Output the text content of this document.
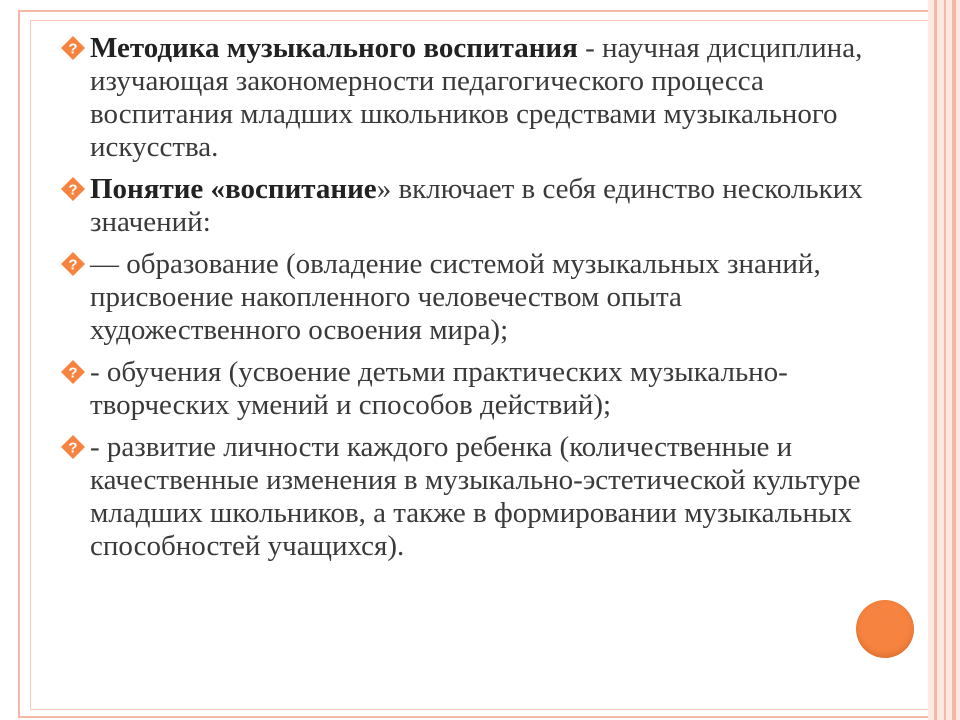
? Методика музыкального воспитания - научная дисциплина, изучающая закономерности педагогического процесса воспитания младших школьников средствами музыкального искусства.

? Понятие «воспитание» включает в себя единство нескольких значений:

? — образование (овладение системой музыкальных знаний, присвоение накопленного человечеством опыта художественного освоения мира);

? - обучения (усвоение детьми практических музыкально-творческих умений и способов действий);

? - развитие личности каждого ребенка (количественные и качественные изменения в музыкально-эстетической культуре младших школьников, а также в формировании музыкальных способностей учащихся).
